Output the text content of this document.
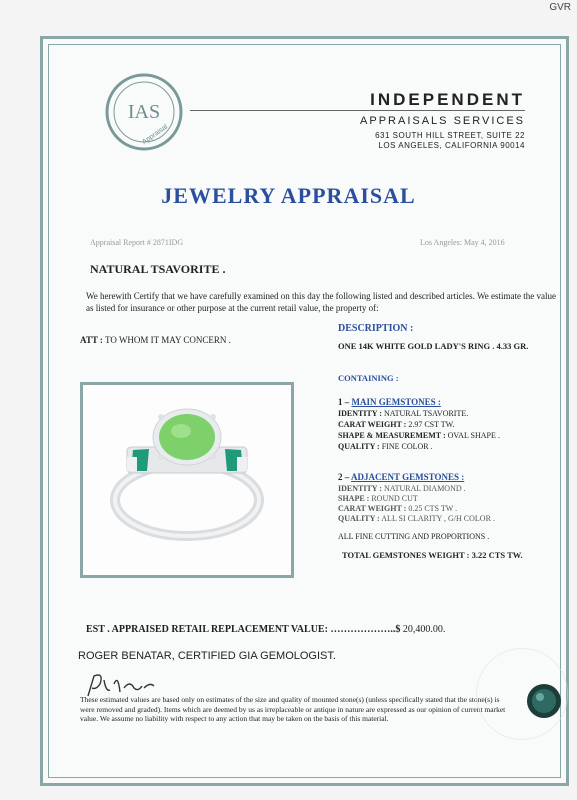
GVR
IAS
Appraisal
INDEPENDENT
APPRAISALS SERVICES
631 SOUTH HILL STREET, SUITE 22
LOS ANGELES, CALIFORNIA 90014
JEWELRY APPRAISAL
Appraisal Report # 2871IDG	Los Angeles: May 4, 2016
NATURAL TSAVORITE .
We herewith Certify that we have carefully examined on this day the following listed and described articles. We estimate the value as listed for insurance or other purpose at the current retail value, the property of:
ATT : TO WHOM IT MAY CONCERN .
DESCRIPTION :
ONE 14K WHITE GOLD LADY'S RING . 4.33 GR.
CONTAINING :
1 – MAIN GEMSTONES :
IDENTITY : NATURAL TSAVORITE.
CARAT WEIGHT : 2.97 CST TW.
SHAPE & MEASUREMEMT : OVAL SHAPE .
QUALITY : FINE COLOR .
2 – ADJACENT GEMSTONES :
IDENTITY : NATURAL DIAMOND .
SHAPE : ROUND CUT
CARAT WEIGHT : 0.25 CTS TW .
QUALITY : ALL SI CLARITY , G/H COLOR .
ALL FINE CUTTING AND PROPORTIONS .
TOTAL GEMSTONES WEIGHT : 3.22 CTS TW.
EST . APPRAISED RETAIL REPLACEMENT VALUE: ………………..$ 20,400.00.
ROGER BENATAR, CERTIFIED GIA GEMOLOGIST.
These estimated values are based only on estimates of the size and quality of mounted stone(s) (unless specifically stated that the stone(s) is were removed and graded). Items which are deemed by us as irreplaceable or antique in nature are expressed as our opinion of current market value. We assume no liability with respect to any action that may be taken on the basis of this material.
